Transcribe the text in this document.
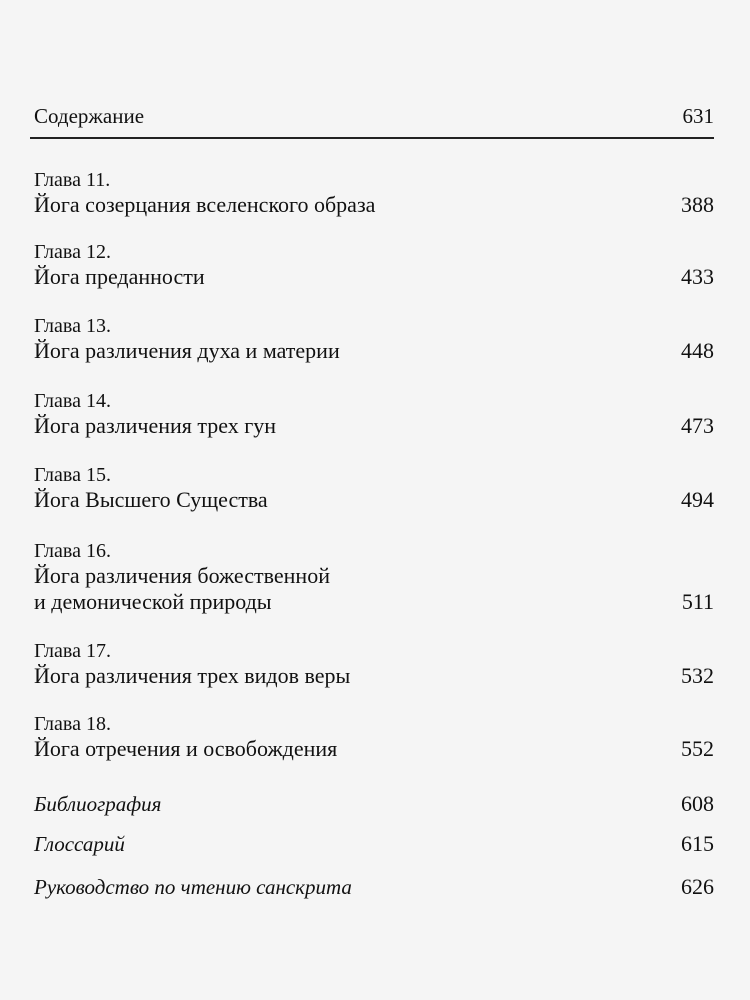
Содержание	631
Глава 11.
Йога созерцания вселенского образа	388
Глава 12.
Йога преданности	433
Глава 13.
Йога различения духа и материи	448
Глава 14.
Йога различения трех гун	473
Глава 15.
Йога Высшего Существа	494
Глава 16.
Йога различения божественной
и демонической природы	511
Глава 17.
Йога различения трех видов веры	532
Глава 18.
Йога отречения и освобождения	552
Библиография	608
Глоссарий	615
Руководство по чтению санскрита	626
